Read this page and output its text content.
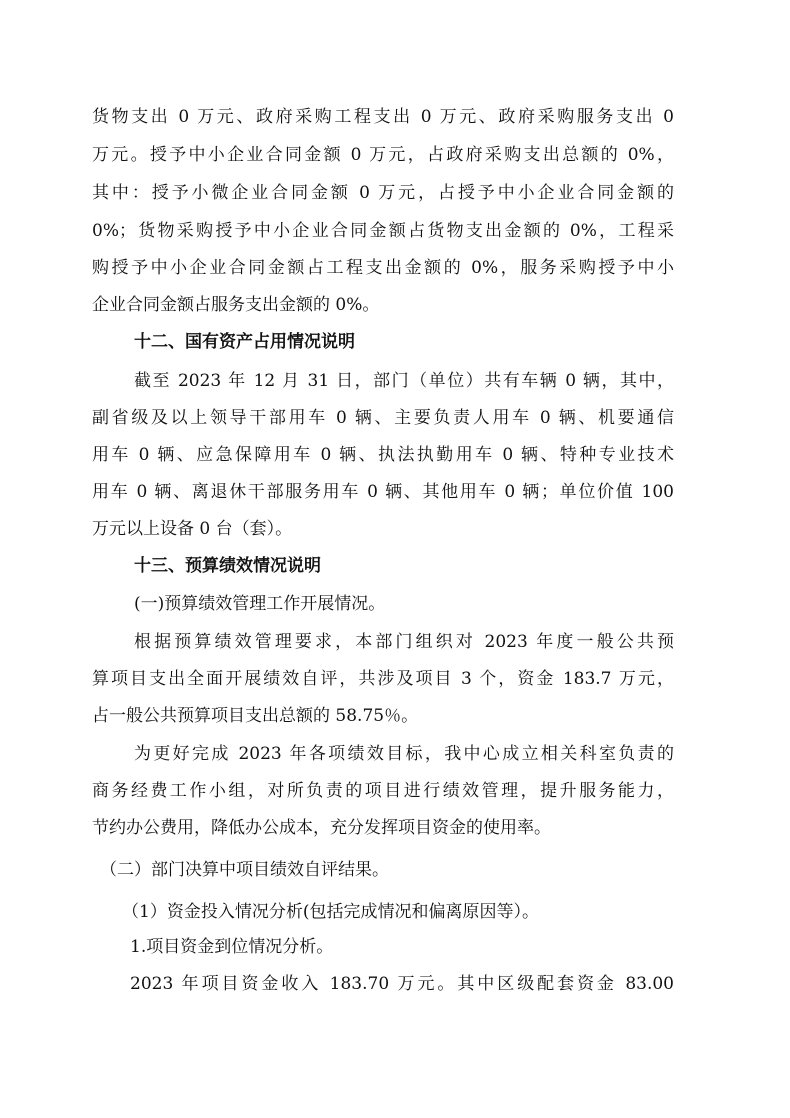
货物支出 0 万元、政府采购工程支出 0 万元、政府采购服务支出 0
万元。授予中小企业合同金额 0 万元，占政府采购支出总额的 0%，
其中：授予小微企业合同金额 0 万元，占授予中小企业合同金额的
0%；货物采购授予中小企业合同金额占货物支出金额的 0%，工程采
购授予中小企业合同金额占工程支出金额的 0%，服务采购授予中小
企业合同金额占服务支出金额的 0%。
十二、国有资产占用情况说明
截至 2023 年 12 月 31 日，部门（单位）共有车辆 0 辆，其中，
副省级及以上领导干部用车 0 辆、主要负责人用车 0 辆、机要通信
用车 0 辆、应急保障用车 0 辆、执法执勤用车 0 辆、特种专业技术
用车 0 辆、离退休干部服务用车 0 辆、其他用车 0 辆；单位价值 100
万元以上设备 0 台（套）。
十三、预算绩效情况说明
(一)预算绩效管理工作开展情况。
根据预算绩效管理要求，本部门组织对 2023 年度一般公共预
算项目支出全面开展绩效自评，共涉及项目 3 个，资金 183.7 万元，
占一般公共预算项目支出总额的 58.75％。
为更好完成 2023 年各项绩效目标，我中心成立相关科室负责的
商务经费工作小组，对所负责的项目进行绩效管理，提升服务能力，
节约办公费用，降低办公成本，充分发挥项目资金的使用率。
（二）部门决算中项目绩效自评结果。
（1）资金投入情况分析(包括完成情况和偏离原因等）。
1.项目资金到位情况分析。
2023 年项目资金收入 183.70 万元。其中区级配套资金 83.00
